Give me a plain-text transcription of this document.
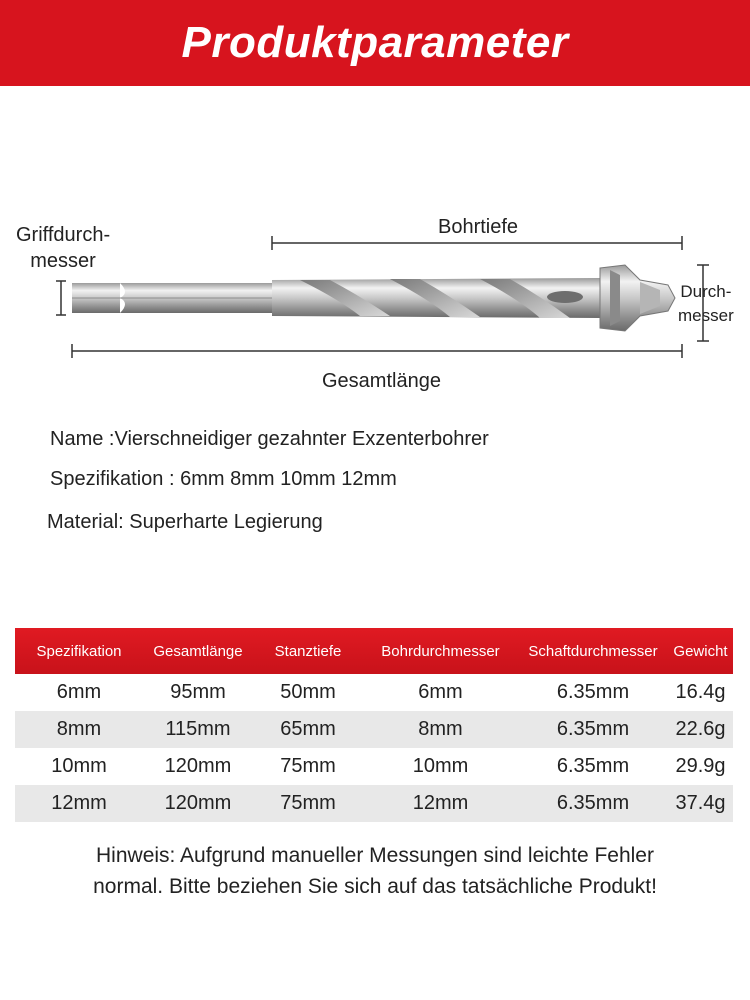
Produktparameter
Griffdurch-
messer
Bohrtiefe
Durch-
messer
Gesamtlänge
Name :Vierschneidiger gezahnter Exzenterbohrer
Spezifikation : 6mm 8mm 10mm 12mm
Material: Superharte Legierung
Spezifikation	Gesamtlänge	Stanztiefe	Bohrdurchmesser	Schaftdurchmesser	Gewicht
6mm	95mm	50mm	6mm	6.35mm	16.4g
8mm	115mm	65mm	8mm	6.35mm	22.6g
10mm	120mm	75mm	10mm	6.35mm	29.9g
12mm	120mm	75mm	12mm	6.35mm	37.4g
Hinweis: Aufgrund manueller Messungen sind leichte Fehler
normal. Bitte beziehen Sie sich auf das tatsächliche Produkt!
